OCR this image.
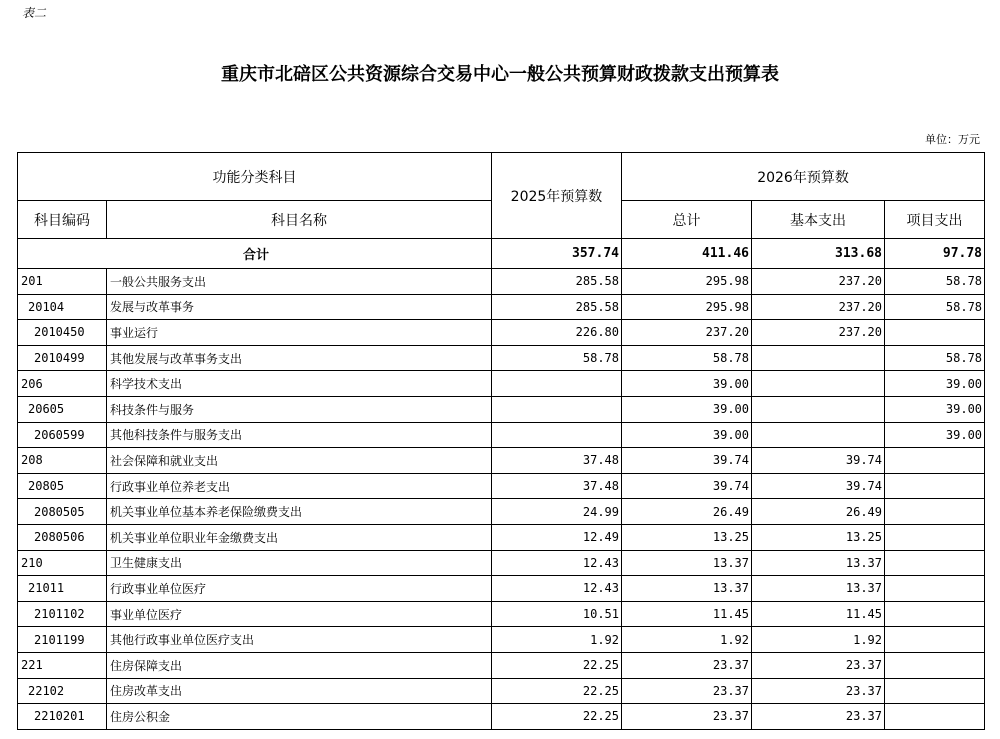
表二
重庆市北碚区公共资源综合交易中心一般公共预算财政拨款支出预算表
单位：万元
功能分类科目		2025年预算数	2026年预算数		
科目编码	科目名称		总计	基本支出	项目支出
合计		357.74	411.46	313.68	97.78
201	一般公共服务支出	285.58	295.98	237.20	58.78
20104	发展与改革事务	285.58	295.98	237.20	58.78
2010450	事业运行	226.80	237.20	237.20	
2010499	其他发展与改革事务支出	58.78	58.78		58.78
206	科学技术支出		39.00		39.00
20605	科技条件与服务		39.00		39.00
2060599	其他科技条件与服务支出		39.00		39.00
208	社会保障和就业支出	37.48	39.74	39.74	
20805	行政事业单位养老支出	37.48	39.74	39.74	
2080505	机关事业单位基本养老保险缴费支出	24.99	26.49	26.49	
2080506	机关事业单位职业年金缴费支出	12.49	13.25	13.25	
210	卫生健康支出	12.43	13.37	13.37	
21011	行政事业单位医疗	12.43	13.37	13.37	
2101102	事业单位医疗	10.51	11.45	11.45	
2101199	其他行政事业单位医疗支出	1.92	1.92	1.92	
221	住房保障支出	22.25	23.37	23.37	
22102	住房改革支出	22.25	23.37	23.37	
2210201	住房公积金	22.25	23.37	23.37	
